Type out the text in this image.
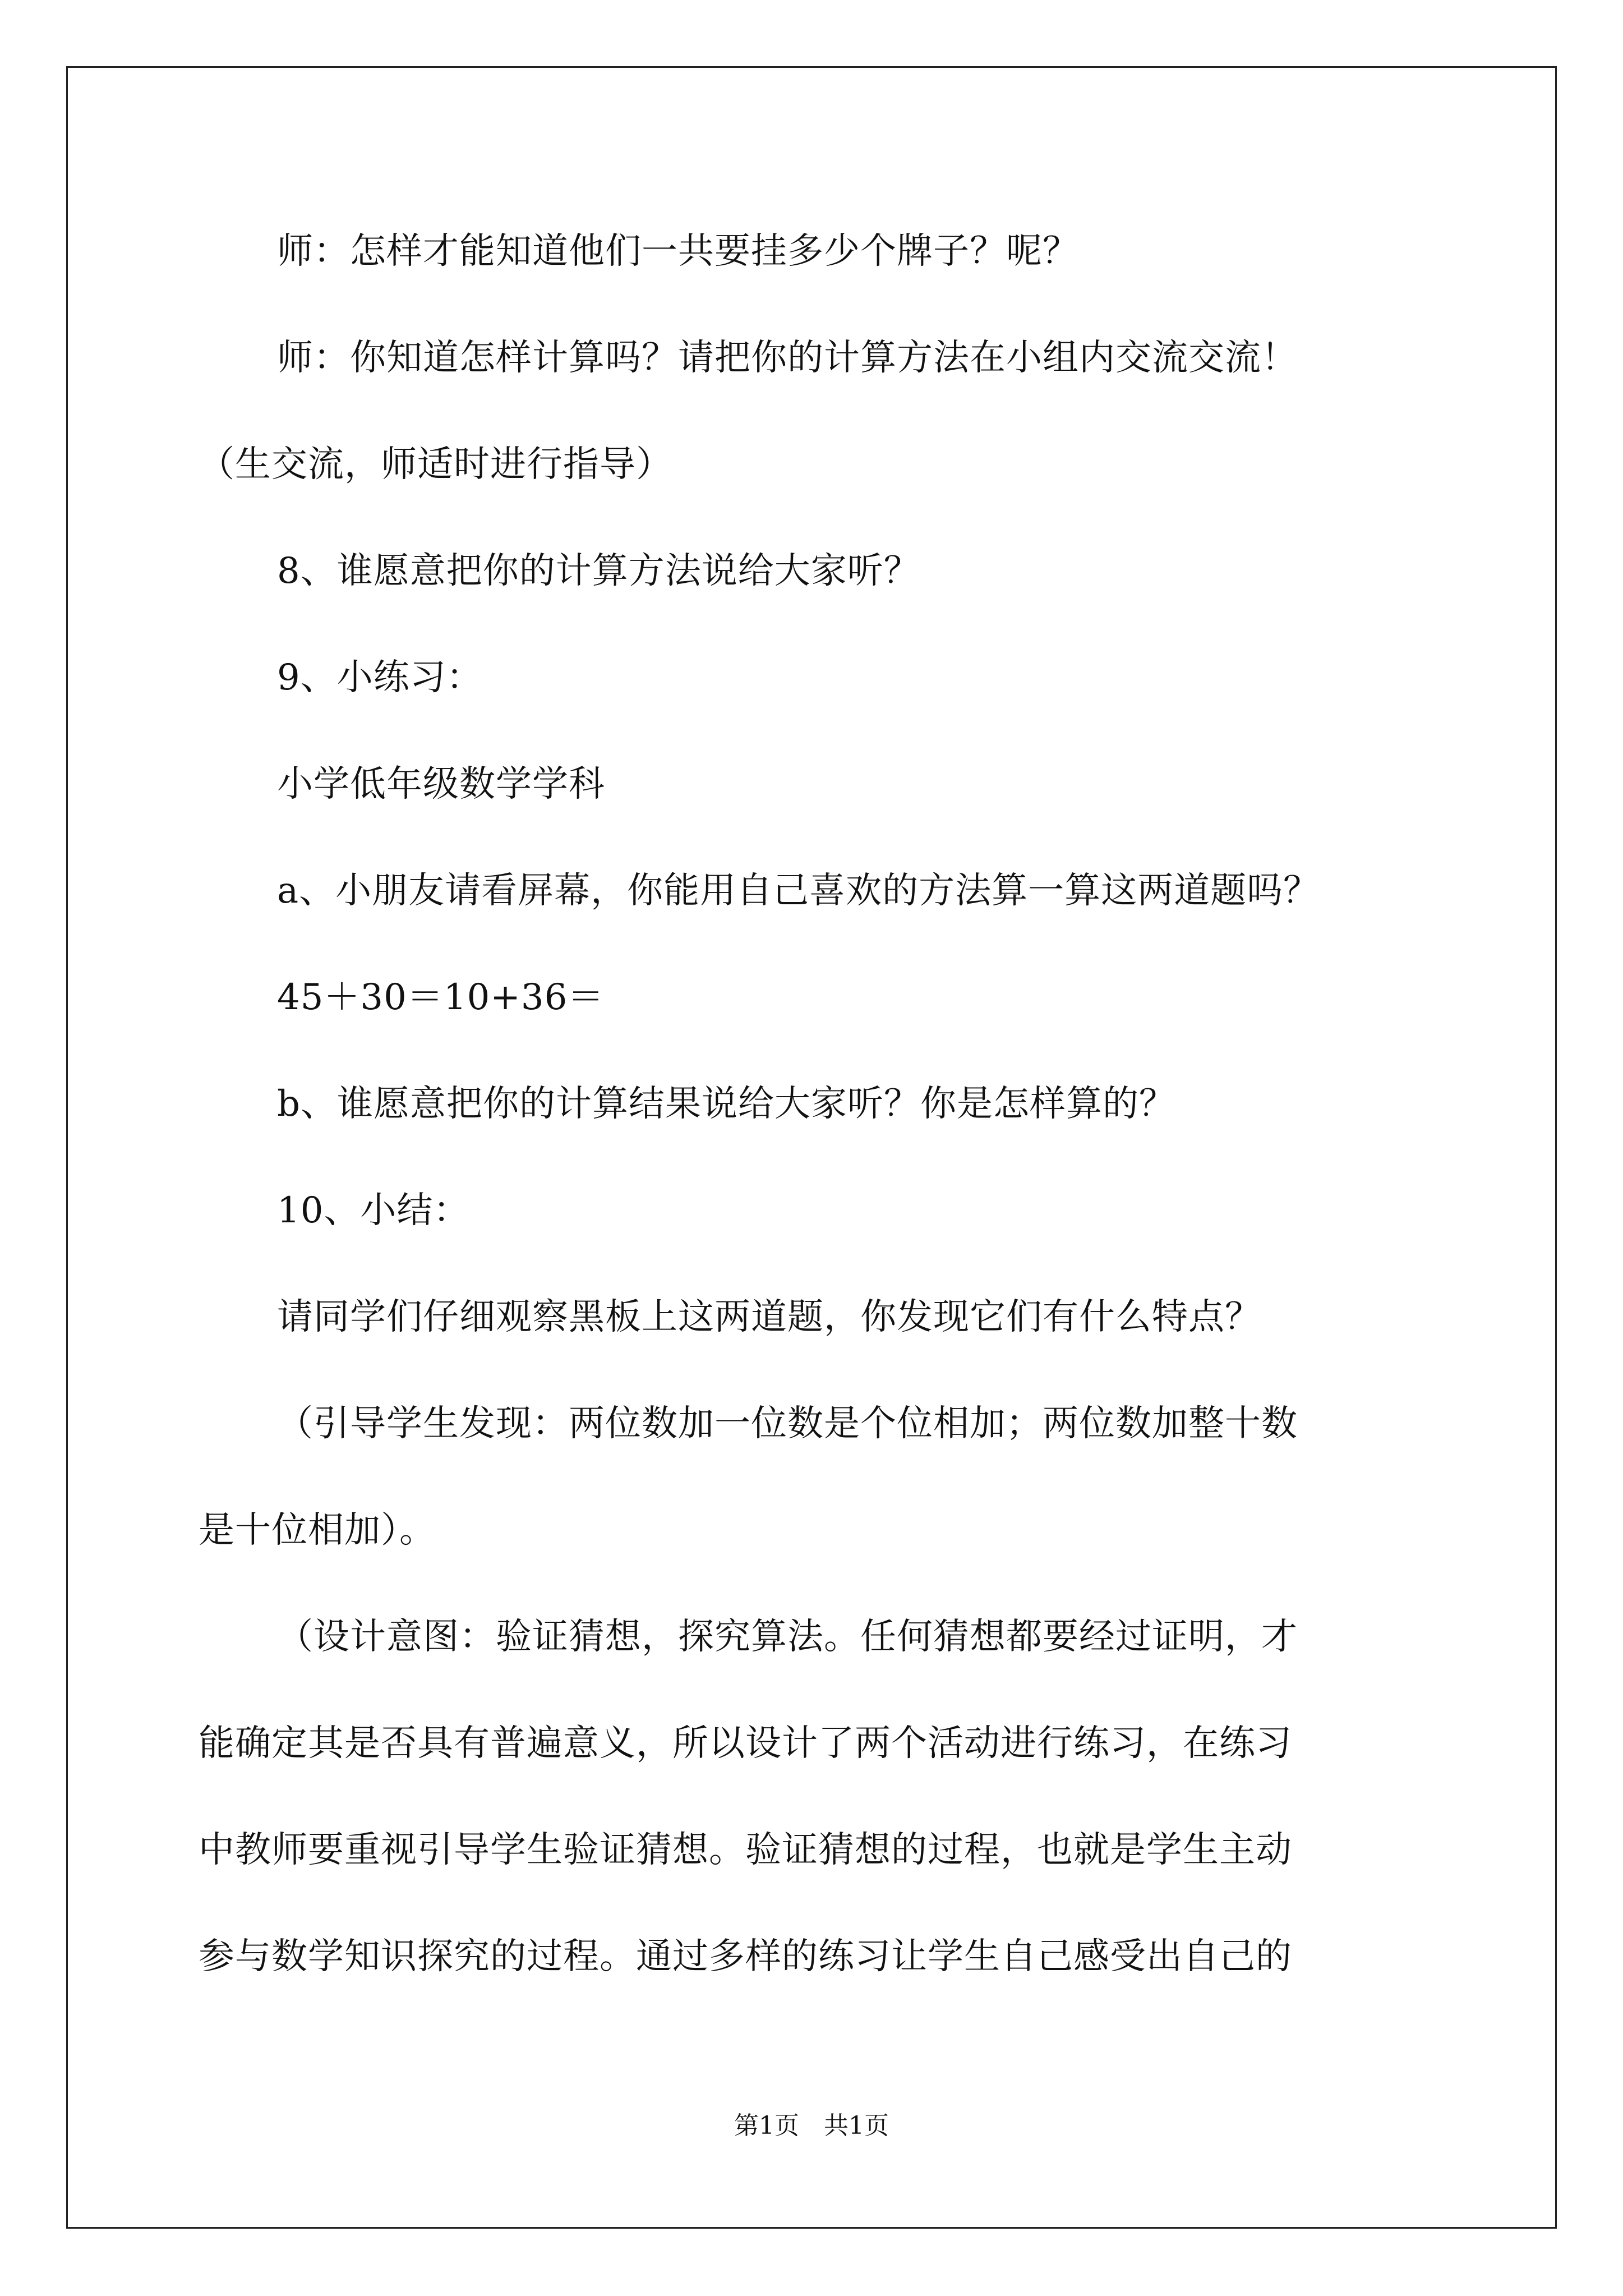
师：怎样才能知道他们一共要挂多少个牌子？呢？
师：你知道怎样计算吗？请把你的计算方法在小组内交流交流！
（生交流，师适时进行指导）
8、谁愿意把你的计算方法说给大家听？
9、小练习：
小学低年级数学学科
a、小朋友请看屏幕，你能用自己喜欢的方法算一算这两道题吗？
45＋30＝10+36＝
b、谁愿意把你的计算结果说给大家听？你是怎样算的？
10、小结：
请同学们仔细观察黑板上这两道题，你发现它们有什么特点？
（引导学生发现：两位数加一位数是个位相加；两位数加整十数
是十位相加）。
（设计意图：验证猜想，探究算法。任何猜想都要经过证明，才
能确定其是否具有普遍意义，所以设计了两个活动进行练习，在练习
中教师要重视引导学生验证猜想。验证猜想的过程，也就是学生主动
参与数学知识探究的过程。通过多样的练习让学生自己感受出自己的
第1页　共1页
